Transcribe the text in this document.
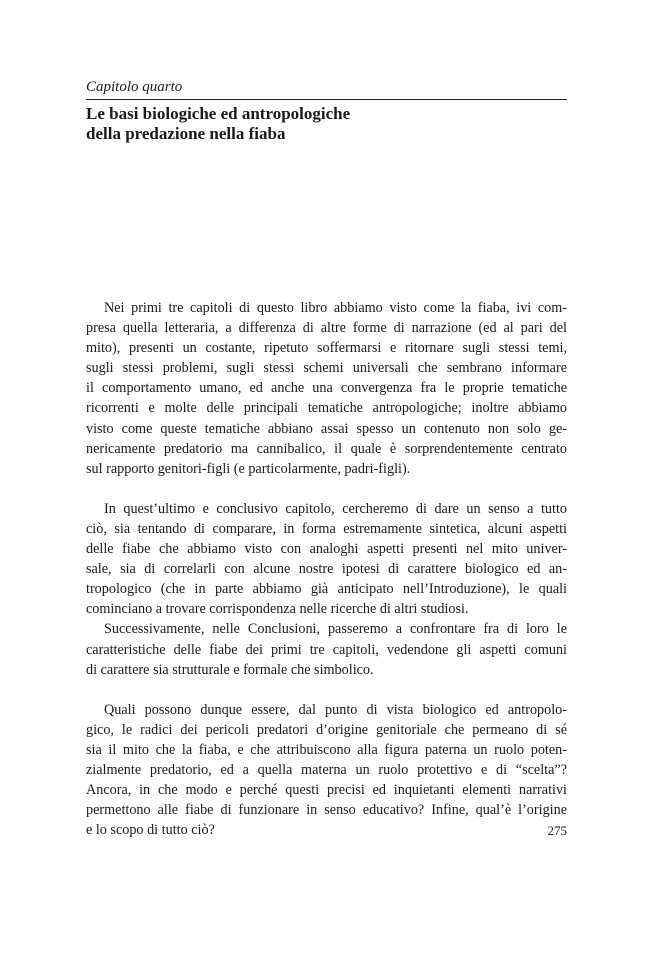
Capitolo quarto
Le basi biologiche ed antropologiche
della predazione nella fiaba
Nei primi tre capitoli di questo libro abbiamo visto come la fiaba, ivi com-
presa quella letteraria, a differenza di altre forme di narrazione (ed al pari del
mito), presenti un costante, ripetuto soffermarsi e ritornare sugli stessi temi,
sugli stessi problemi, sugli stessi schemi universali che sembrano informare
il comportamento umano, ed anche una convergenza fra le proprie tematiche
ricorrenti e molte delle principali tematiche antropologiche; inoltre abbiamo
visto come queste tematiche abbiano assai spesso un contenuto non solo ge-
nericamente predatorio ma cannibalico, il quale è sorprendentemente centrato
sul rapporto genitori-figli (e particolarmente, padri-figli).
In quest’ultimo e conclusivo capitolo, cercheremo di dare un senso a tutto
ciò, sia tentando di comparare, in forma estremamente sintetica, alcuni aspetti
delle fiabe che abbiamo visto con analoghi aspetti presenti nel mito univer-
sale, sia di correlarli con alcune nostre ipotesi di carattere biologico ed an-
tropologico (che in parte abbiamo già anticipato nell’Introduzione), le quali
cominciano a trovare corrispondenza nelle ricerche di altri studiosi.
Successivamente, nelle Conclusioni, passeremo a confrontare fra di loro le
caratteristiche delle fiabe dei primi tre capitoli, vedendone gli aspetti comuni
di carattere sia strutturale e formale che simbolico.
Quali possono dunque essere, dal punto di vista biologico ed antropolo-
gico, le radici dei pericoli predatori d’origine genitoriale che permeano di sé
sia il mito che la fiaba, e che attribuiscono alla figura paterna un ruolo poten-
zialmente predatorio, ed a quella materna un ruolo protettivo e di “scelta”?
Ancora, in che modo e perché questi precisi ed inquietanti elementi narrativi
permettono alle fiabe di funzionare in senso educativo? Infine, qual’è l’origine
e lo scopo di tutto ciò?	275
